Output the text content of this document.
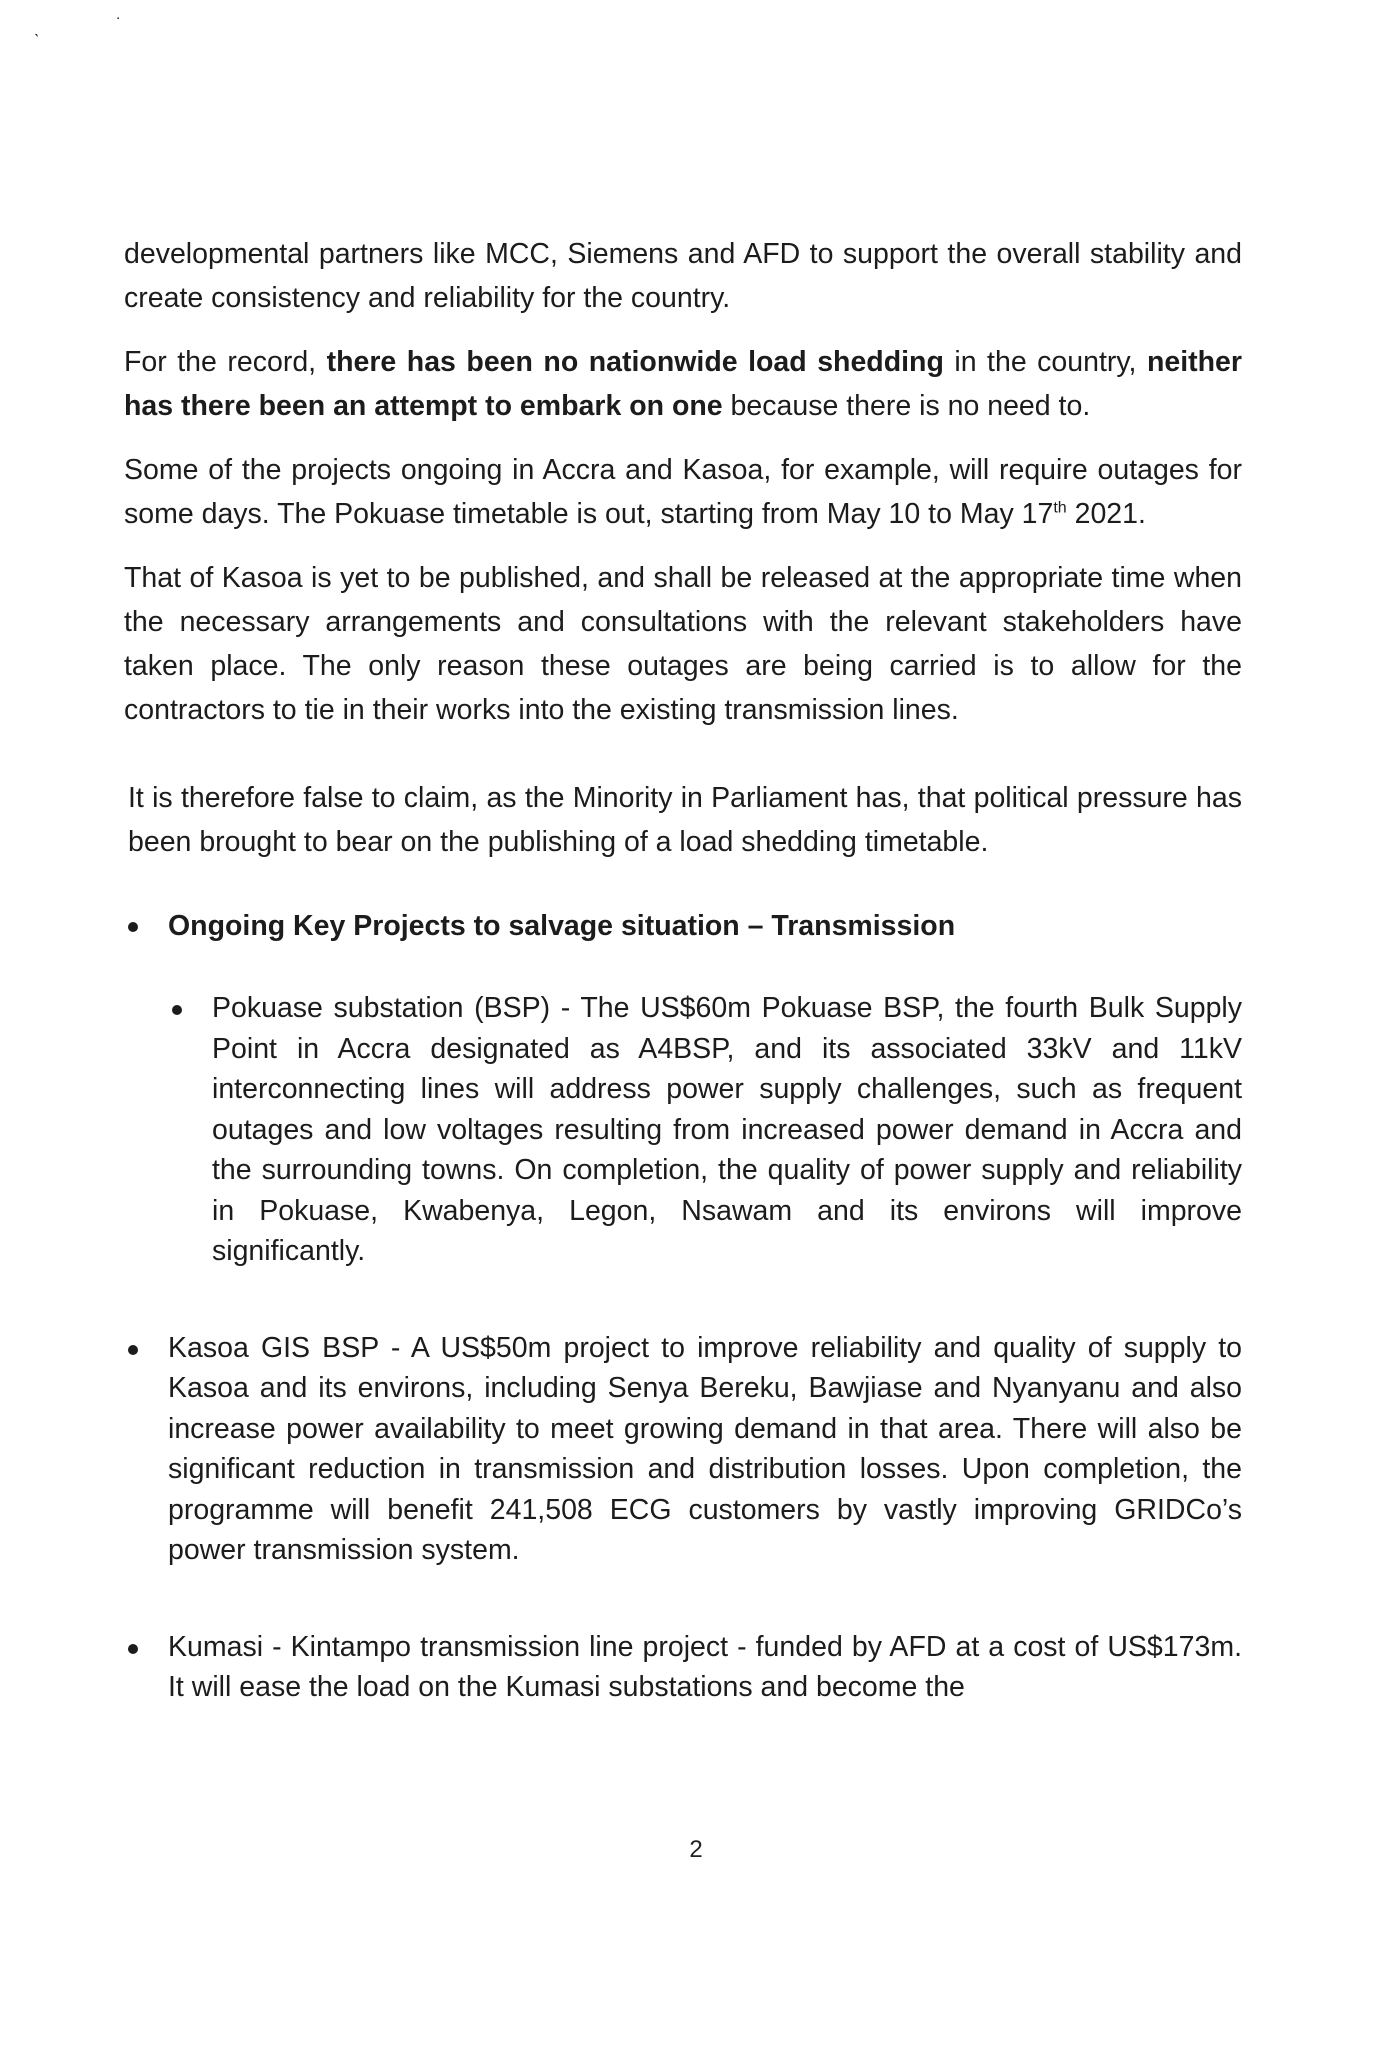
ˎ	˙

developmental partners like MCC, Siemens and AFD to support the overall stability and create consistency and reliability for the country.

For the record, there has been no nationwide load shedding in the country, neither has there been an attempt to embark on one because there is no need to.

Some of the projects ongoing in Accra and Kasoa, for example, will require outages for some days. The Pokuase timetable is out, starting from May 10 to May 17th 2021.

That of Kasoa is yet to be published, and shall be released at the appropriate time when the necessary arrangements and consultations with the relevant stakeholders have taken place. The only reason these outages are being carried is to allow for the contractors to tie in their works into the existing transmission lines.

It is therefore false to claim, as the Minority in Parliament has, that political pressure has been brought to bear on the publishing of a load shedding timetable.

Ongoing Key Projects to salvage situation – Transmission
Pokuase substation (BSP) - The US$60m Pokuase BSP, the fourth Bulk Supply Point in Accra designated as A4BSP, and its associated 33kV and 11kV interconnecting lines will address power supply challenges, such as frequent outages and low voltages resulting from increased power demand in Accra and the surrounding towns. On completion, the quality of power supply and reliability in Pokuase, Kwabenya, Legon, Nsawam and its environs will improve significantly.
Kasoa GIS BSP - A US$50m project to improve reliability and quality of supply to Kasoa and its environs, including Senya Bereku, Bawjiase and Nyanyanu and also increase power availability to meet growing demand in that area. There will also be significant reduction in transmission and distribution losses. Upon completion, the programme will benefit 241,508 ECG customers by vastly improving GRIDCo’s power transmission system.
Kumasi - Kintampo transmission line project - funded by AFD at a cost of US$173m. It will ease the load on the Kumasi substations and become the
2
